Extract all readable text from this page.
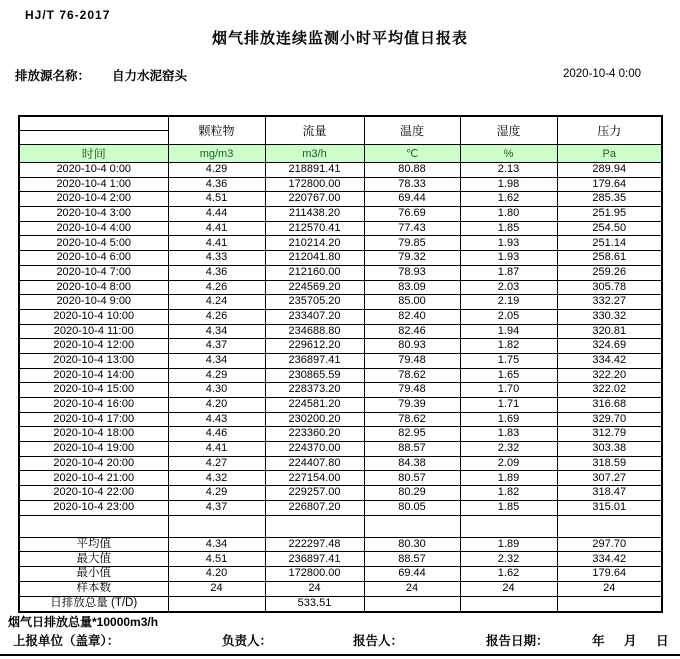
HJ/T 76-2017
烟气排放连续监测小时平均值日报表
排放源名称： 自力水泥窑头	2020-10-4 0:00
	颗粒物	流量	温度	湿度	压力
时间	mg/m3	m3/h	℃	%	Pa
2020-10-4 0:00	4.29	218891.41	80.88	2.13	289.94
2020-10-4 1:00	4.36	172800.00	78.33	1.98	179.64
2020-10-4 2:00	4.51	220767.00	69.44	1.62	285.35
2020-10-4 3:00	4.44	211438.20	76.69	1.80	251.95
2020-10-4 4:00	4.41	212570.41	77.43	1.85	254.50
2020-10-4 5:00	4.41	210214.20	79.85	1.93	251.14
2020-10-4 6:00	4.33	212041.80	79.32	1.93	258.61
2020-10-4 7:00	4.36	212160.00	78.93	1.87	259.26
2020-10-4 8:00	4.26	224569.20	83.09	2.03	305.78
2020-10-4 9:00	4.24	235705.20	85.00	2.19	332.27
2020-10-4 10:00	4.26	233407.20	82.40	2.05	330.32
2020-10-4 11:00	4.34	234688.80	82.46	1.94	320.81
2020-10-4 12:00	4.37	229612.20	80.93	1.82	324.69
2020-10-4 13:00	4.34	236897.41	79.48	1.75	334.42
2020-10-4 14:00	4.29	230865.59	78.62	1.65	322.20
2020-10-4 15:00	4.30	228373.20	79.48	1.70	322.02
2020-10-4 16:00	4.20	224581.20	79.39	1.71	316.68
2020-10-4 17:00	4.43	230200.20	78.62	1.69	329.70
2020-10-4 18:00	4.46	223360.20	82.95	1.83	312.79
2020-10-4 19:00	4.41	224370.00	88.57	2.32	303.38
2020-10-4 20:00	4.27	224407.80	84.38	2.09	318.59
2020-10-4 21:00	4.32	227154.00	80.57	1.89	307.27
2020-10-4 22:00	4.29	229257.00	80.29	1.82	318.47
2020-10-4 23:00	4.37	226807.20	80.05	1.85	315.01

平均值	4.34	222297.48	80.30	1.89	297.70
最大值	4.51	236897.41	88.57	2.32	334.42
最小值	4.20	172800.00	69.44	1.62	179.64
样本数	24	24	24	24	24
日排放总量 (T/D)		533.51			
烟气日排放总量*10000m3/h
上报单位（盖章）：	负责人：	报告人：	报告日期：	年 月 日
